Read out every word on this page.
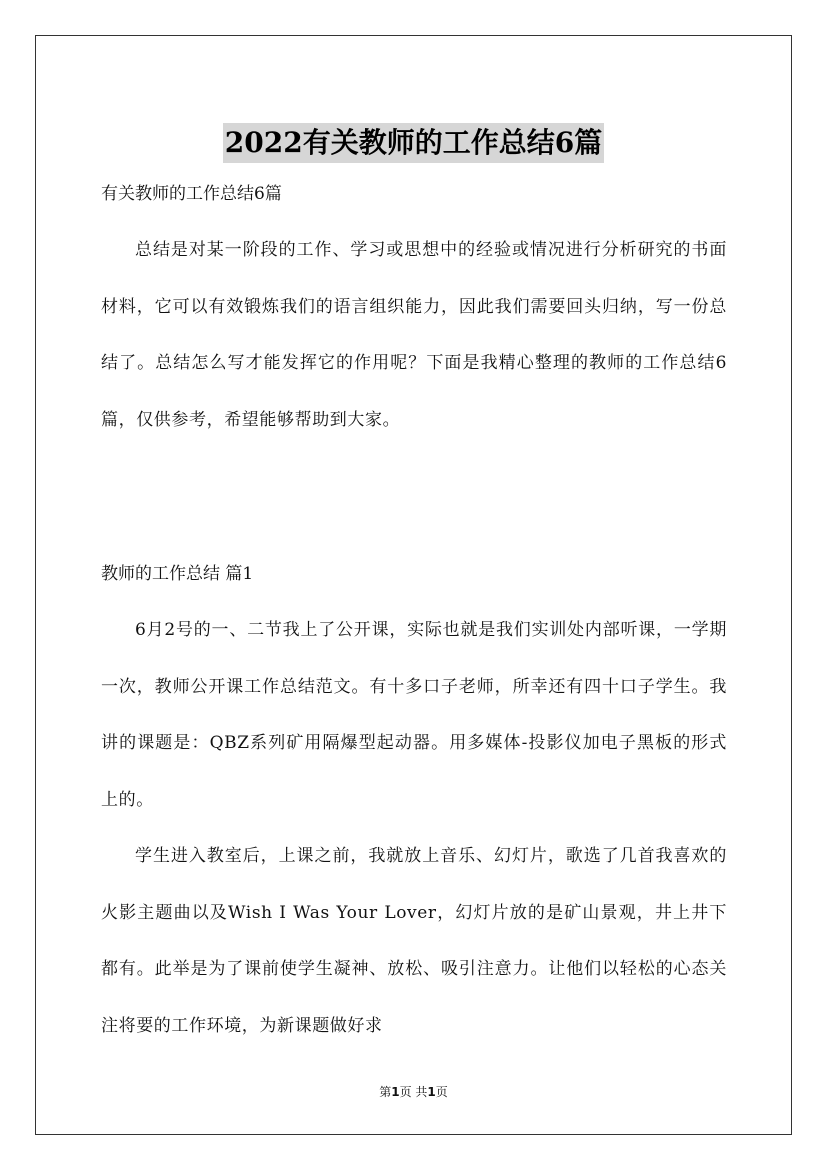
2022有关教师的工作总结6篇

有关教师的工作总结6篇

总结是对某一阶段的工作、学习或思想中的经验或情况进行分析研究的书面材料，它可以有效锻炼我们的语言组织能力，因此我们需要回头归纳，写一份总结了。总结怎么写才能发挥它的作用呢？下面是我精心整理的教师的工作总结6篇，仅供参考，希望能够帮助到大家。

教师的工作总结 篇1

6月2号的一、二节我上了公开课，实际也就是我们实训处内部听课，一学期一次，教师公开课工作总结范文。有十多口子老师，所幸还有四十口子学生。我讲的课题是：QBZ系列矿用隔爆型起动器。用多媒体-投影仪加电子黑板的形式上的。

学生进入教室后，上课之前，我就放上音乐、幻灯片，歌选了几首我喜欢的火影主题曲以及Wish I Was Your Lover，幻灯片放的是矿山景观，井上井下都有。此举是为了课前使学生凝神、放松、吸引注意力。让他们以轻松的心态关注将要的工作环境，为新课题做好求

第1页 共1页
